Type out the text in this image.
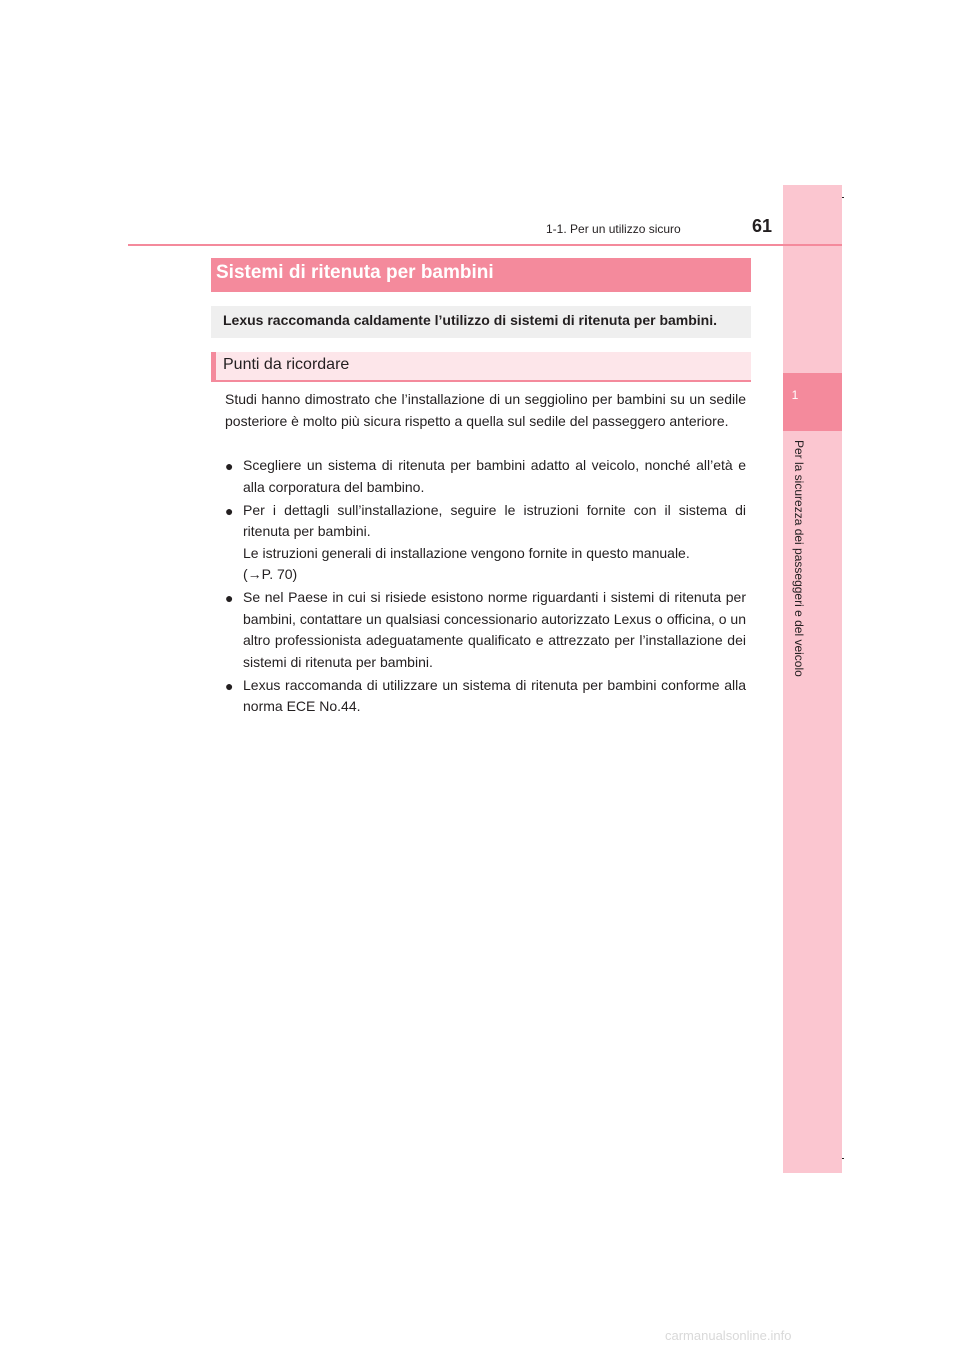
1
Per la sicurezza dei passeggeri e del veicolo
1-1. Per un utilizzo sicuro	61
Sistemi di ritenuta per bambini
Lexus raccomanda caldamente l’utilizzo di sistemi di ritenuta per bambini.
Punti da ricordare
Studi hanno dimostrato che l’installazione di un seggiolino per bambini su un sedile posteriore è molto più sicura rispetto a quella sul sedile del passeggero anteriore.
● Scegliere un sistema di ritenuta per bambini adatto al veicolo, nonché all’età e alla corporatura del bambino.
● Per i dettagli sull’installazione, seguire le istruzioni fornite con il sistema di ritenuta per bambini.
Le istruzioni generali di installazione vengono fornite in questo manuale.
(→P. 70)
● Se nel Paese in cui si risiede esistono norme riguardanti i sistemi di ritenuta per bambini, contattare un qualsiasi concessionario autorizzato Lexus o officina, o un altro professionista adeguatamente qualificato e attrezzato per l’installazione dei sistemi di ritenuta per bambini.
● Lexus raccomanda di utilizzare un sistema di ritenuta per bambini conforme alla norma ECE No.44.
carmanualsonline.info
